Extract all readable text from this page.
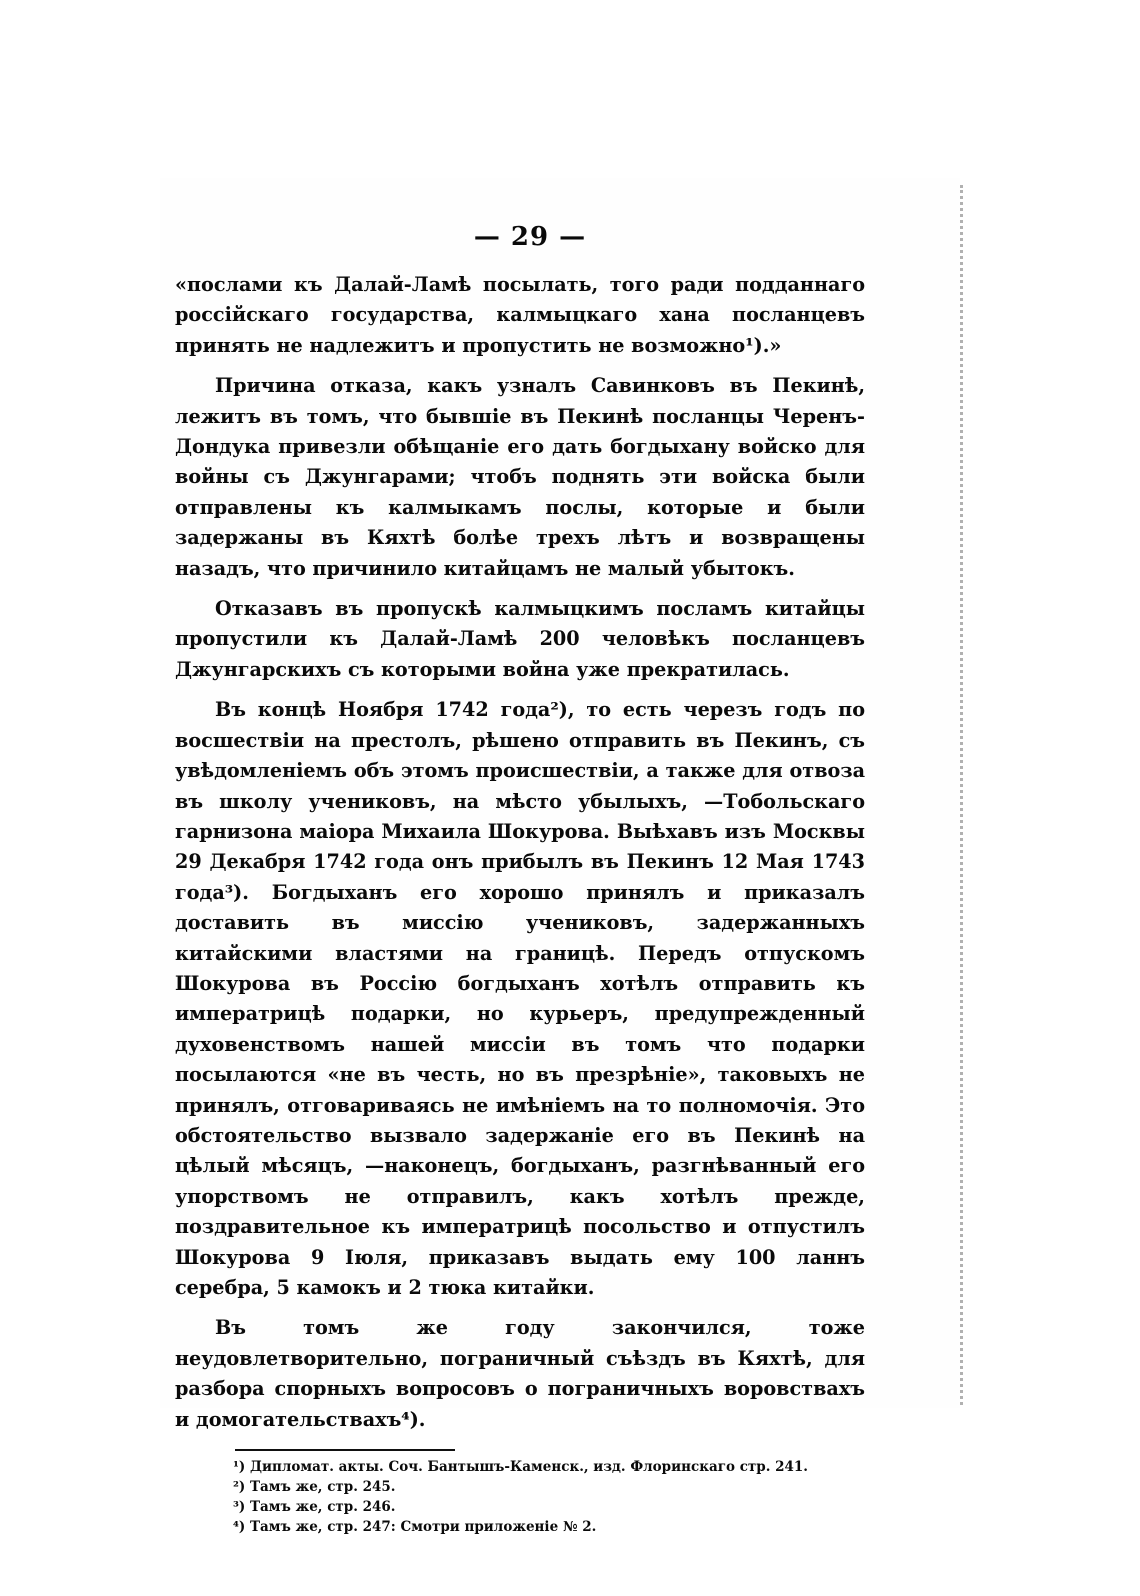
— 29 —

«послами къ Далай-Ламѣ посылать, того ради подданнаго россійскаго государства, калмыцкаго хана посланцевъ принять не надлежитъ и пропустить не возможно¹).»

Причина отказа, какъ узналъ Савинковъ въ Пекинѣ, лежитъ въ томъ, что бывшіе въ Пекинѣ посланцы Черенъ-Дондука привезли обѣщаніе его дать богдыхану войско для войны съ Джунгарами; чтобъ поднять эти войска были отправлены къ калмыкамъ послы, которые и были задержаны въ Кяхтѣ болѣе трехъ лѣтъ и возвращены назадъ, что причинило китайцамъ не малый убытокъ.

Отказавъ въ пропускѣ калмыцкимъ посламъ китайцы пропустили къ Далай-Ламѣ 200 человѣкъ посланцевъ Джунгарскихъ съ которыми война уже прекратилась.

Въ концѣ Ноября 1742 года²), то есть черезъ годъ по восшествіи на престолъ, рѣшено отправить въ Пекинъ, съ увѣдомленіемъ объ этомъ происшествіи, а также для отвоза въ школу учениковъ, на мѣсто убылыхъ, —Тобольскаго гарнизона маіора Михаила Шокурова. Выѣхавъ изъ Москвы 29 Декабря 1742 года онъ прибылъ въ Пекинъ 12 Мая 1743 года³). Богдыханъ его хорошо принялъ и приказалъ доставить въ миссію учениковъ, задержанныхъ китайскими властями на границѣ. Передъ отпускомъ Шокурова въ Россію богдыханъ хотѣлъ отправить къ императрицѣ подарки, но курьеръ, предупрежденный духовенствомъ нашей миссіи въ томъ что подарки посылаются «не въ честь, но въ презрѣніе», таковыхъ не принялъ, отговариваясь не имѣніемъ на то полномочія. Это обстоятельство вызвало задержаніе его въ Пекинѣ на цѣлый мѣсяцъ, —наконецъ, богдыханъ, разгнѣванный его упорствомъ не отправилъ, какъ хотѣлъ прежде, поздравительное къ императрицѣ посольство и отпустилъ Шокурова 9 Іюля, приказавъ выдать ему 100 ланнъ серебра, 5 камокъ и 2 тюка китайки.

Въ томъ же году закончился, тоже неудовлетворительно, пограничный съѣздъ въ Кяхтѣ, для разбора спорныхъ вопросовъ о пограничныхъ воровствахъ и домогательствахъ⁴).

¹) Дипломат. акты. Соч. Бантышъ-Каменск., изд. Флоринскаго стр. 241.

²) Тамъ же, стр. 245.

³) Тамъ же, стр. 246.

⁴) Тамъ же, стр. 247: Смотри приложеніе № 2.
